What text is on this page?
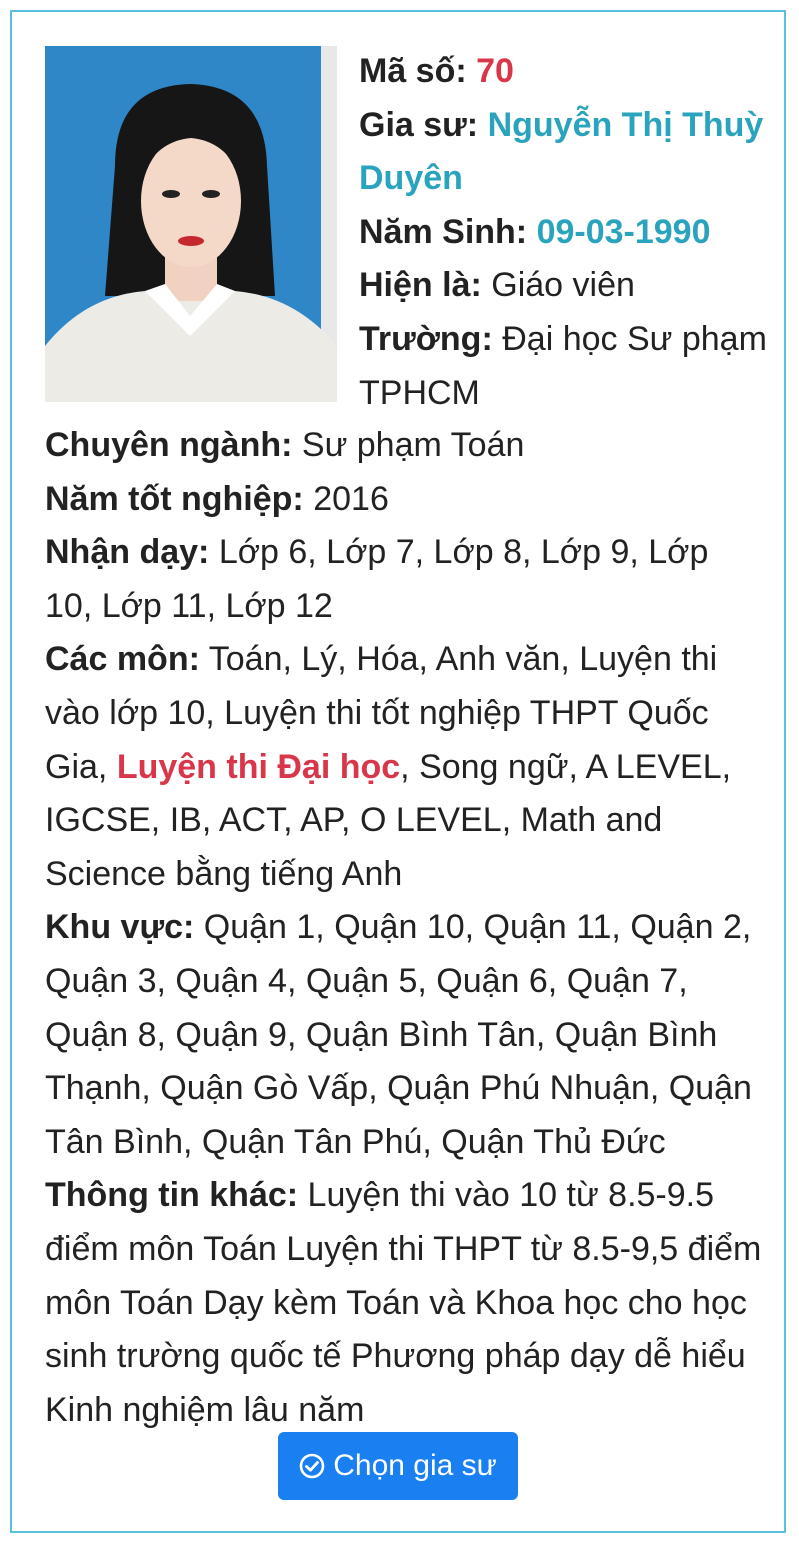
Mã số: 70

Gia sư: Nguyễn Thị Thuỳ Duyên

Năm Sinh: 09-03-1990

Hiện là: Giáo viên

Trường: Đại học Sư phạm TPHCM

Chuyên ngành: Sư phạm Toán

Năm tốt nghiệp: 2016

Nhận dạy: Lớp 6, Lớp 7, Lớp 8, Lớp 9, Lớp 10, Lớp 11, Lớp 12

Các môn: Toán, Lý, Hóa, Anh văn, Luyện thi vào lớp 10, Luyện thi tốt nghiệp THPT Quốc Gia, Luyện thi Đại học, Song ngữ, A LEVEL, IGCSE, IB, ACT, AP, O LEVEL, Math and Science bằng tiếng Anh

Khu vực: Quận 1, Quận 10, Quận 11, Quận 2, Quận 3, Quận 4, Quận 5, Quận 6, Quận 7, Quận 8, Quận 9, Quận Bình Tân, Quận Bình Thạnh, Quận Gò Vấp, Quận Phú Nhuận, Quận Tân Bình, Quận Tân Phú, Quận Thủ Đức

Thông tin khác: Luyện thi vào 10 từ 8.5-9.5 điểm môn Toán Luyện thi THPT từ 8.5-9,5 điểm môn Toán Dạy kèm Toán và Khoa học cho học sinh trường quốc tế Phương pháp dạy dễ hiểu Kinh nghiệm lâu năm

Chọn gia sư
